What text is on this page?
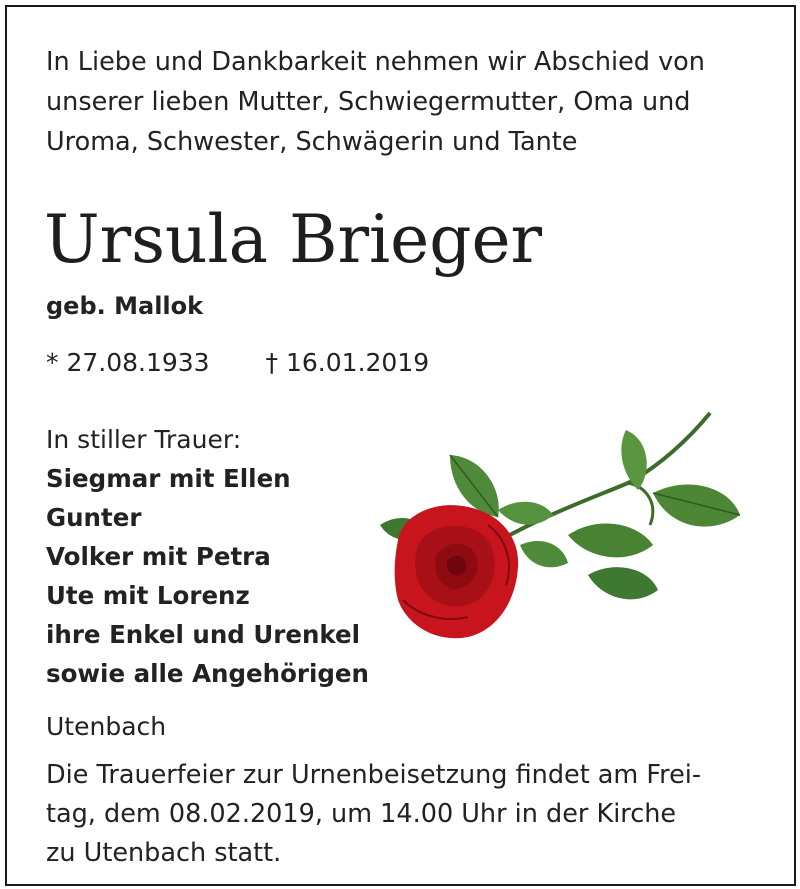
In Liebe und Dankbarkeit nehmen wir Abschied von
unserer lieben Mutter, Schwiegermutter, Oma und
Uroma, Schwester, Schwägerin und Tante
Ursula Brieger
geb. Mallok
* 27.08.1933 † 16.01.2019
In stiller Trauer:
Siegmar mit Ellen
Gunter
Volker mit Petra
Ute mit Lorenz
ihre Enkel und Urenkel
sowie alle Angehörigen
Utenbach
Die Trauerfeier zur Urnenbeisetzung findet am Frei-
tag, dem 08.02.2019, um 14.00 Uhr in der Kirche
zu Utenbach statt.
